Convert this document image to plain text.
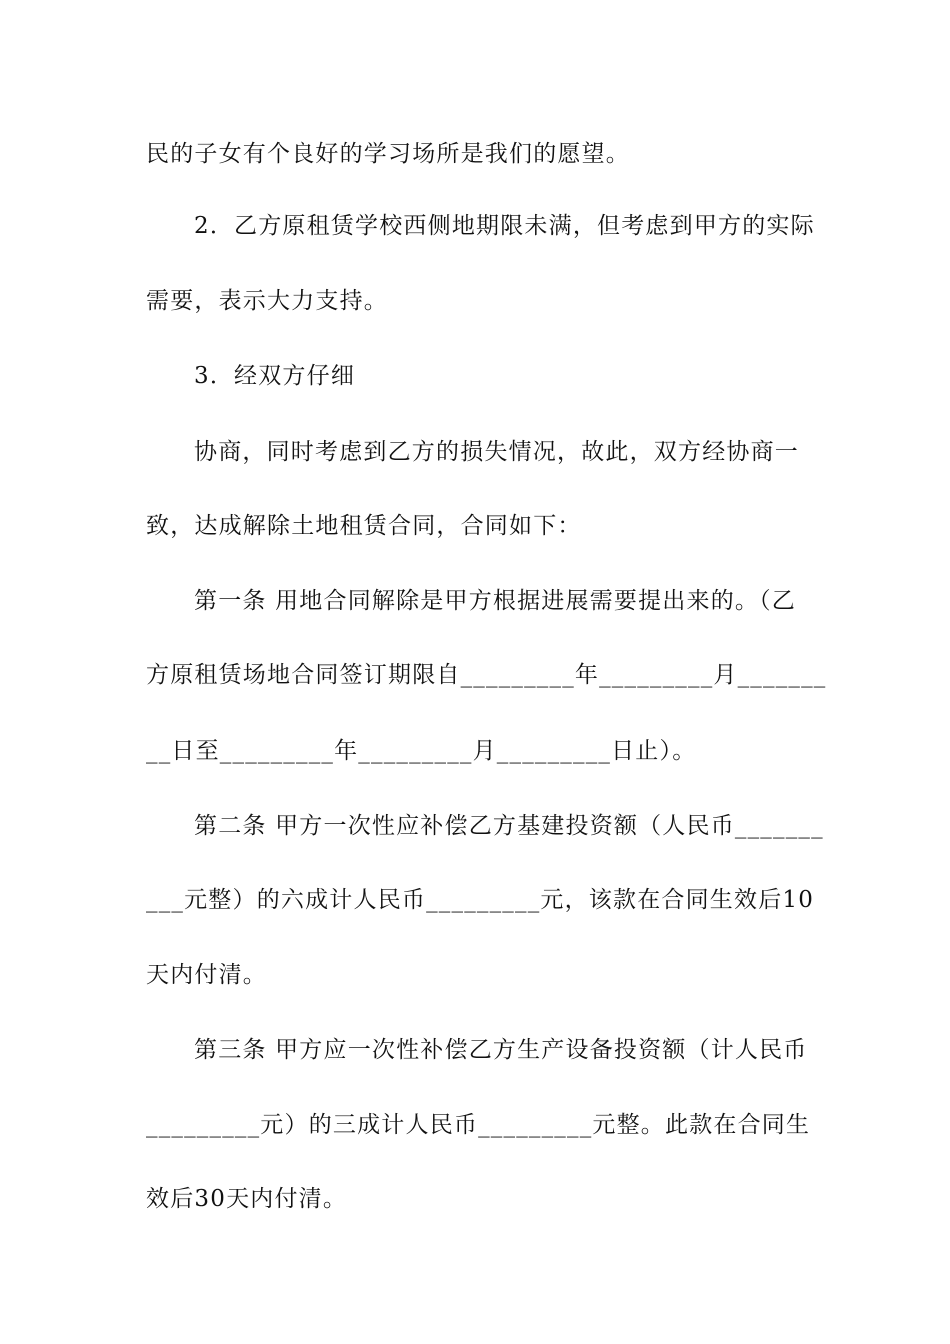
民的子女有个良好的学习场所是我们的愿望。
2．乙方原租赁学校西侧地期限未满，但考虑到甲方的实际
需要，表示大力支持。
3．经双方仔细
协商，同时考虑到乙方的损失情况，故此，双方经协商一
致，达成解除土地租赁合同，合同如下：
第一条 用地合同解除是甲方根据进展需要提出来的。（乙
方原租赁场地合同签订期限自_________年_________月_______
__日至_________年_________月_________日止）。
第二条 甲方一次性应补偿乙方基建投资额（人民币_______
___元整）的六成计人民币_________元，该款在合同生效后10
天内付清。
第三条 甲方应一次性补偿乙方生产设备投资额（计人民币
_________元）的三成计人民币_________元整。此款在合同生
效后30天内付清。
